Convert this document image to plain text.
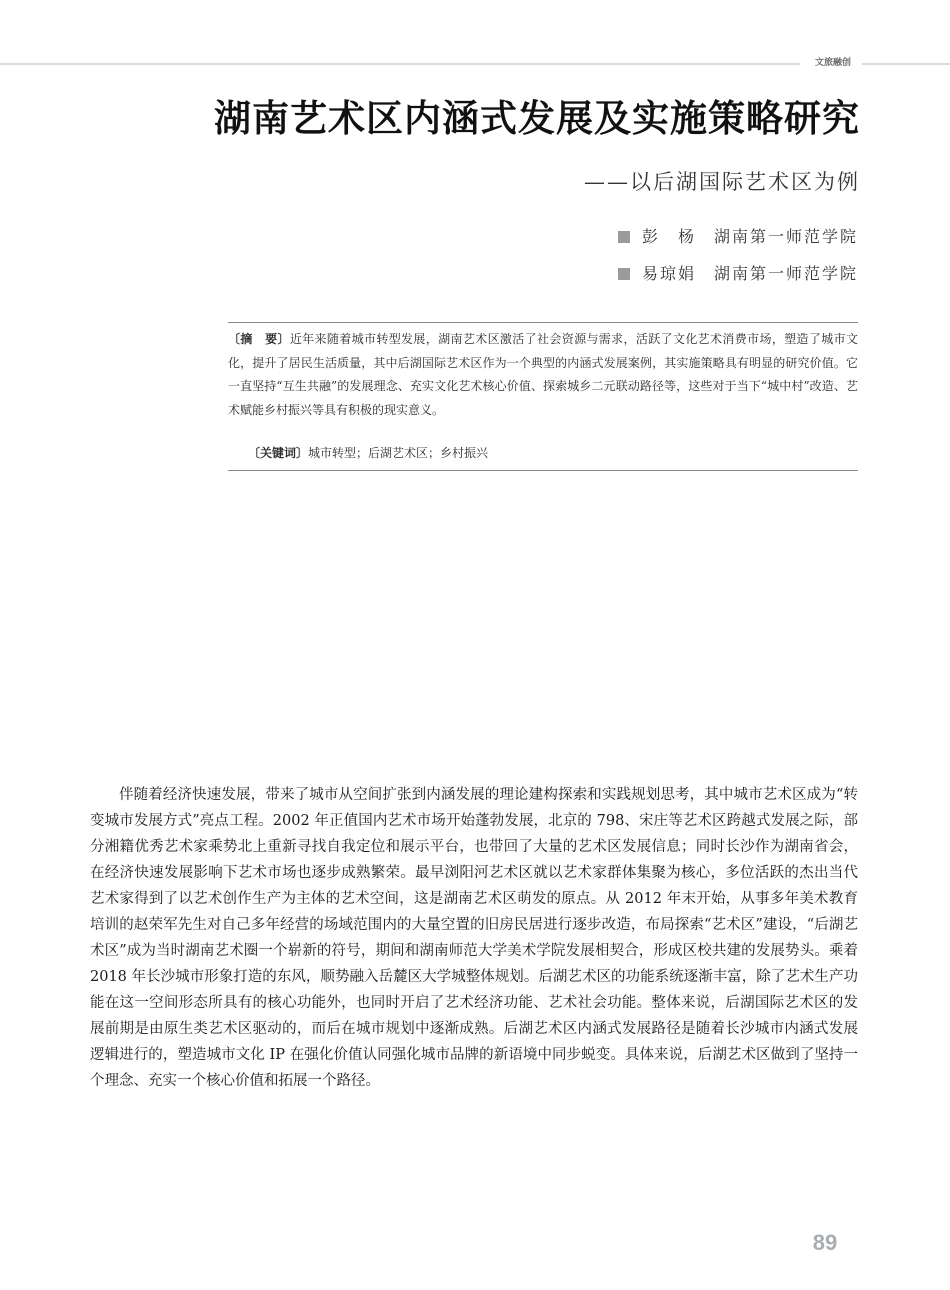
文旅融创
湖南艺术区内涵式发展及实施策略研究
——以后湖国际艺术区为例
彭　杨　湖南第一师范学院
易琼娟　湖南第一师范学院
〔摘　要〕近年来随着城市转型发展，湖南艺术区激活了社会资源与需求，活跃了文化艺术消费市场，塑造了城市文化，提升了居民生活质量，其中后湖国际艺术区作为一个典型的内涵式发展案例，其实施策略具有明显的研究价值。它一直坚持“互生共融”的发展理念、充实文化艺术核心价值、探索城乡二元联动路径等，这些对于当下“城中村”改造、艺术赋能乡村振兴等具有积极的现实意义。
〔关键词〕城市转型；后湖艺术区；乡村振兴
伴随着经济快速发展，带来了城市从空间扩张到内涵发展的理论建构探索和实践规划思考，其中城市艺术区成为“转变城市发展方式”亮点工程。2002 年正值国内艺术市场开始蓬勃发展，北京的 798、宋庄等艺术区跨越式发展之际，部分湘籍优秀艺术家乘势北上重新寻找自我定位和展示平台，也带回了大量的艺术区发展信息；同时长沙作为湖南省会，在经济快速发展影响下艺术市场也逐步成熟繁荣。最早浏阳河艺术区就以艺术家群体集聚为核心，多位活跃的杰出当代艺术家得到了以艺术创作生产为主体的艺术空间，这是湖南艺术区萌发的原点。从 2012 年末开始，从事多年美术教育培训的赵荣军先生对自己多年经营的场域范围内的大量空置的旧房民居进行逐步改造，布局探索“艺术区”建设，“后湖艺术区”成为当时湖南艺术圈一个崭新的符号，期间和湖南师范大学美术学院发展相契合，形成区校共建的发展势头。乘着 2018 年长沙城市形象打造的东风，顺势融入岳麓区大学城整体规划。后湖艺术区的功能系统逐渐丰富，除了艺术生产功能在这一空间形态所具有的核心功能外，也同时开启了艺术经济功能、艺术社会功能。整体来说，后湖国际艺术区的发展前期是由原生类艺术区驱动的，而后在城市规划中逐渐成熟。后湖艺术区内涵式发展路径是随着长沙城市内涵式发展逻辑进行的，塑造城市文化 IP 在强化价值认同强化城市品牌的新语境中同步蜕变。具体来说，后湖艺术区做到了坚持一个理念、充实一个核心价值和拓展一个路径。
89
